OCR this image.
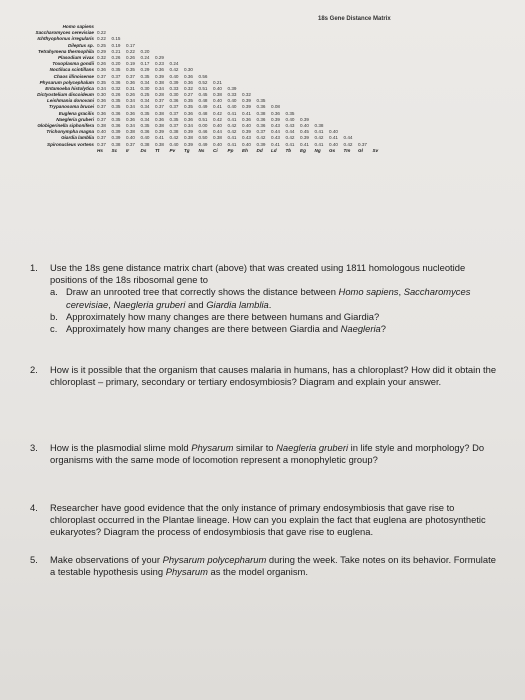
18s Gene Distance Matrix
Homo sapiens
Saccharomyces cerevisiae 0.22
Ichthyophonus irregularis 0.22	0.15
Dileptus sp. 0.25	0.19	0.17
Tetrahymena thermophila 0.29	0.21	0.22	0.20
Plasodium vivax 0.32	0.26	0.26	0.24	0.29
Toxoplasma gondii 0.26	0.20	0.19	0.17	0.23	0.24
Noctiluca scintillans 0.36	0.35	0.35	0.29	0.36	0.42	0.30
Chaos illinoisense 0.37	0.37	0.37	0.35	0.39	0.40	0.36	0.56
Physarum polycephalum 0.35	0.36	0.36	0.34	0.38	0.39	0.36	0.52	0.21
Entamoeba histolytica 0.34	0.32	0.31	0.30	0.34	0.33	0.32	0.51	0.40	0.39
Dictyostelium discoideum 0.30	0.26	0.26	0.25	0.28	0.30	0.27	0.45	0.38	0.33	0.32
Leishmania donovani 0.36	0.35	0.34	0.34	0.37	0.36	0.35	0.48	0.40	0.40	0.39	0.35
Trypanosoma brucei 0.37	0.35	0.34	0.34	0.37	0.37	0.35	0.49	0.41	0.40	0.39	0.36	0.08
Euglena gracilis 0.36	0.36	0.36	0.35	0.38	0.37	0.36	0.48	0.42	0.41	0.41	0.38	0.36	0.35
Naegleria gruberi 0.37	0.35	0.36	0.34	0.36	0.35	0.36	0.51	0.42	0.41	0.36	0.36	0.39	0.40	0.39
Globigerinella siphonifera 0.38	0.36	0.34	0.35	0.38	0.37	0.34	0.00	0.40	0.42	0.40	0.36	0.43	0.43	0.40	0.38
Trichonympha magna 0.40	0.39	0.38	0.36	0.39	0.38	0.39	0.46	0.44	0.42	0.39	0.37	0.44	0.44	0.45	0.41	0.40
Giardia lamblia 0.37	0.39	0.40	0.40	0.41	0.42	0.38	0.50	0.38	0.41	0.43	0.42	0.43	0.42	0.39	0.42	0.41	0.44
Spironucleus vortens 0.37	0.38	0.37	0.38	0.38	0.40	0.39	0.49	0.40	0.41	0.40	0.39	0.41	0.41	0.41	0.41	0.40	0.42	0.37
Hs	Sc	Ir	Ds	Tt	Pv	Tg	Ns	Ci	Pp	Eh	Dd	Ld	Tb	Eg	Ng	Gs	Tm	Gl	Sv
1.	Use the 18s gene distance matrix chart (above) that was created using 1811 homologous nucleotide positions of the 18s ribosomal gene to
a. Draw an unrooted tree that correctly shows the distance between Homo sapiens, Saccharomyces cerevisiae, Naegleria gruberi and Giardia lamblia.
b. Approximately how many changes are there between humans and Giardia?
c. Approximately how many changes are there between Giardia and Naegleria?
2.	How is it possible that the organism that causes malaria in humans, has a chloroplast? How did it obtain the chloroplast – primary, secondary or tertiary endosymbiosis? Diagram and explain your answer.
3.	How is the plasmodial slime mold Physarum similar to Naegleria gruberi in life style and morphology? Do organisms with the same mode of locomotion represent a monophyletic group?
4.	Researcher have good evidence that the only instance of primary endosymbiosis that gave rise to chloroplast occurred in the Plantae lineage. How can you explain the fact that euglena are photosynthetic eukaryotes? Diagram the process of endosymbiosis that gave rise to euglena.
5.	Make observations of your Physarum polycepharum during the week. Take notes on its behavior. Formulate a testable hypothesis using Physarum as the model organism.
